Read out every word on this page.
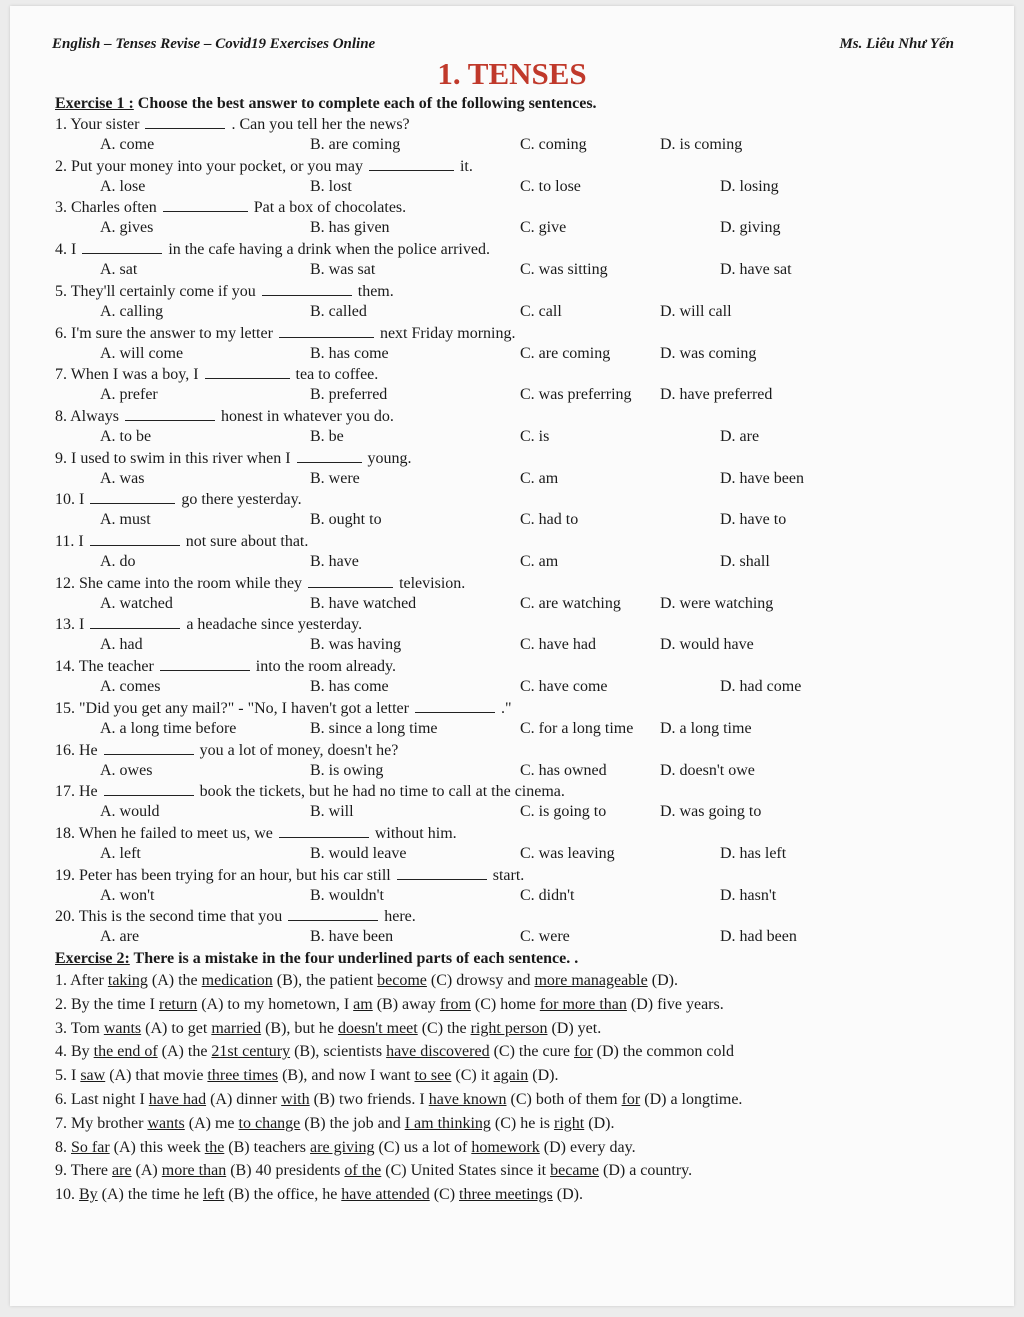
English – Tenses Revise – Covid19 Exercises Online	Ms. Liêu Như Yến
1. TENSES
Exercise 1 : Choose the best answer to complete each of the following sentences.
1. Your sister	. Can you tell her the news?
A. come	B. are coming	C. coming	D. is coming
2. Put your money into your pocket, or you may	it.
A. lose	B. lost	C. to lose	D. losing
3. Charles often	Pat a box of chocolates.
A. gives	B. has given	C. give	D. giving
4. I	in the cafe having a drink when the police arrived.
A. sat	B. was sat	C. was sitting	D. have sat
5. They'll certainly come if you	them.
A. calling	B. called	C. call	D. will call
6. I'm sure the answer to my letter	next Friday morning.
A. will come	B. has come	C. are coming	D. was coming
7. When I was a boy, I	tea to coffee.
A. prefer	B. preferred	C. was preferring D. have preferred
8. Always	honest in whatever you do.
A. to be	B. be	C. is	D. are
9. I used to swim in this river when I	young.
A. was	B. were	C. am	D. have been
10. I	go there yesterday.
A. must	B. ought to	C. had to	D. have to
11. I	not sure about that.
A. do	B. have	C. am	D. shall
12. She came into the room while they	television.
A. watched	B. have watched	C. are watching D. were watching
13. I	a headache since yesterday.
A. had	B. was having	C. have had	D. would have
14. The teacher	into the room already.
A. comes	B. has come	C. have come	D. had come
15. "Did you get any mail?" - "No, I haven't got a letter	."
A. a long time before	B. since a long time	C. for a long time D. a long time
16. He	you a lot of money, doesn't he?
A. owes	B. is owing	C. has owned	D. doesn't owe
17. He	book the tickets, but he had no time to call at the cinema.
A. would	B. will	C. is going to	D. was going to
18. When he failed to meet us, we	without him.
A. left	B. would leave	C. was leaving	D. has left
19. Peter has been trying for an hour, but his car still	start.
A. won't	B. wouldn't	C. didn't	D. hasn't
20. This is the second time that you	here.
A. are	B. have been	C. were	D. had been
Exercise 2: There is a mistake in the four underlined parts of each sentence. .
1. After taking (A) the medication (B), the patient become (C) drowsy and more manageable (D).
2. By the time I return (A) to my hometown, I am (B) away from (C) home for more than (D) five years.
3. Tom wants (A) to get married (B), but he doesn't meet (C) the right person (D) yet.
4. By the end of (A) the 21st century (B), scientists have discovered (C) the cure for (D) the common cold
5. I saw (A) that movie three times (B), and now I want to see (C) it again (D).
6. Last night I have had (A) dinner with (B) two friends. I have known (C) both of them for (D) a longtime.
7. My brother wants (A) me to change (B) the job and I am thinking (C) he is right (D).
8. So far (A) this week the (B) teachers are giving (C) us a lot of homework (D) every day.
9. There are (A) more than (B) 40 presidents of the (C) United States since it became (D) a country.
10. By (A) the time he left (B) the office, he have attended (C) three meetings (D).
